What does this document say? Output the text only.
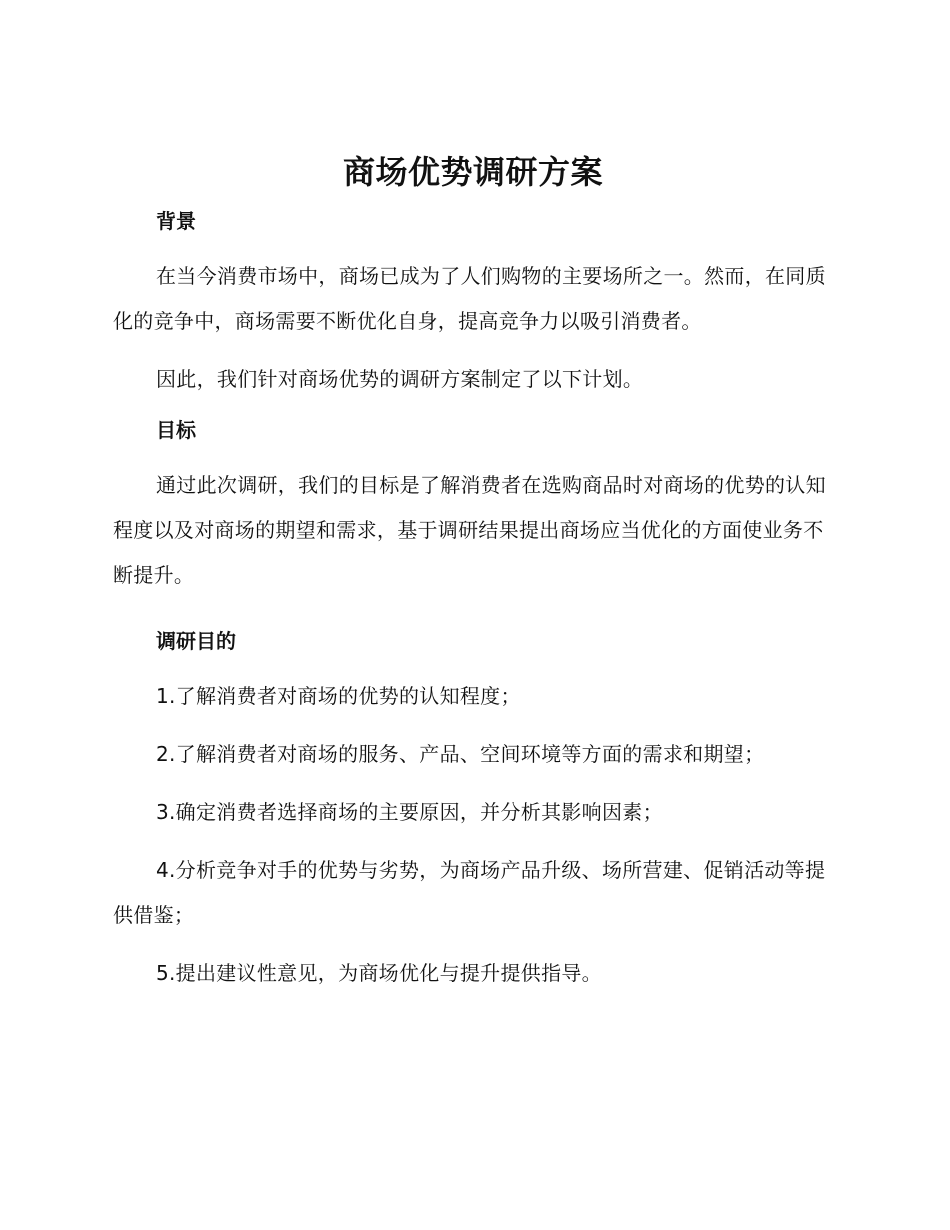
商场优势调研方案
背景

在当今消费市场中，商场已成为了人们购物的主要场所之一。然而，在同质化的竞争中，商场需要不断优化自身，提高竞争力以吸引消费者。

因此，我们针对商场优势的调研方案制定了以下计划。

目标

通过此次调研，我们的目标是了解消费者在选购商品时对商场的优势的认知程度以及对商场的期望和需求，基于调研结果提出商场应当优化的方面使业务不断提升。

调研目的

1.了解消费者对商场的优势的认知程度；

2.了解消费者对商场的服务、产品、空间环境等方面的需求和期望；

3.确定消费者选择商场的主要原因，并分析其影响因素；

4.分析竞争对手的优势与劣势，为商场产品升级、场所营建、促销活动等提供借鉴；

5.提出建议性意见，为商场优化与提升提供指导。
